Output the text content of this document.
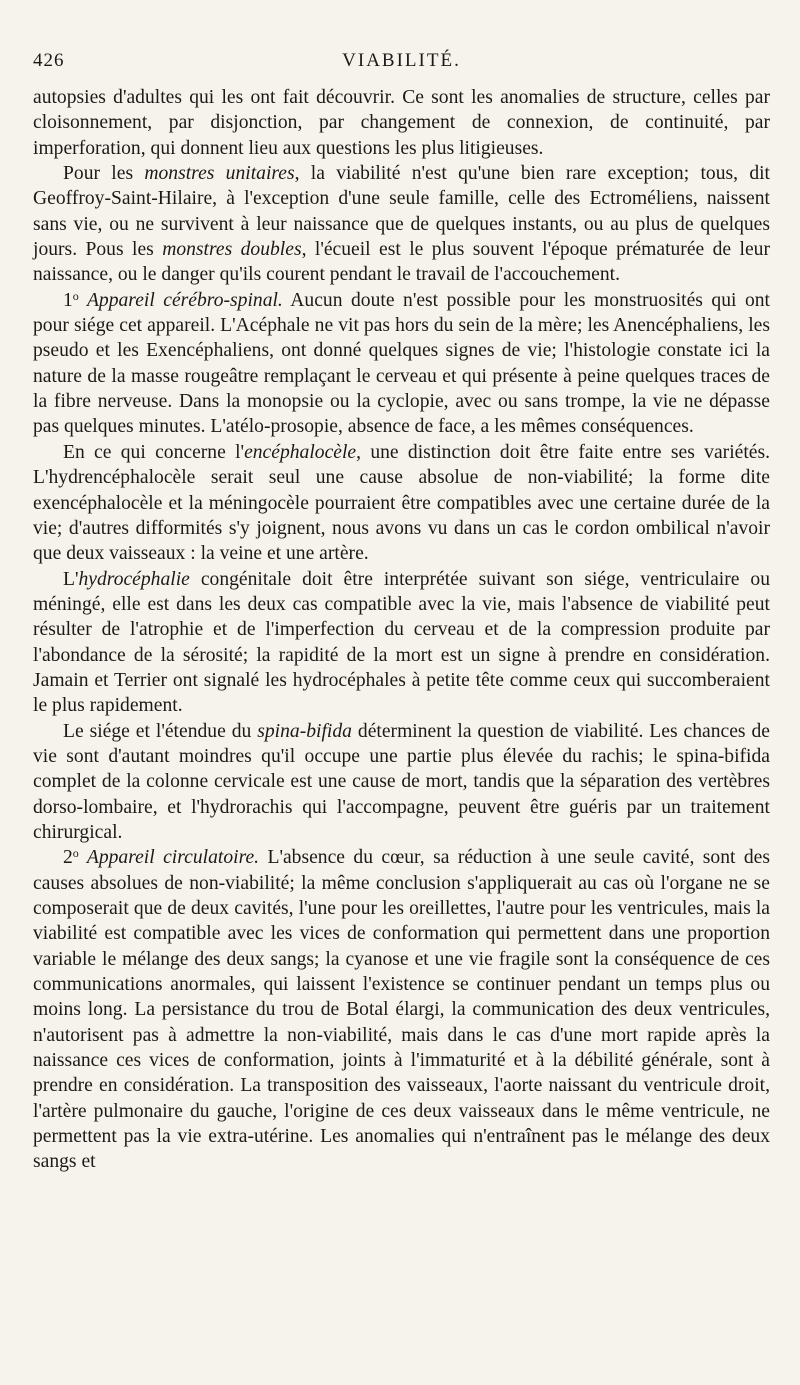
426	VIABILITÉ.

autopsies d'adultes qui les ont fait découvrir. Ce sont les anomalies de structure, celles par cloisonnement, par disjonction, par changement de connexion, de continuité, par imperforation, qui donnent lieu aux questions les plus litigieuses.

Pour les monstres unitaires, la viabilité n'est qu'une bien rare exception; tous, dit Geoffroy-Saint-Hilaire, à l'exception d'une seule famille, celle des Ectroméliens, naissent sans vie, ou ne survivent à leur naissance que de quelques instants, ou au plus de quelques jours. Pous les monstres doubles, l'écueil est le plus souvent l'époque prématurée de leur naissance, ou le danger qu'ils courent pendant le travail de l'accouchement.

1$^o$ Appareil cérébro-spinal. Aucun doute n'est possible pour les monstruosités qui ont pour siége cet appareil. L'Acéphale ne vit pas hors du sein de la mère; les Anencéphaliens, les pseudo et les Exencéphaliens, ont donné quelques signes de vie; l'histologie constate ici la nature de la masse rougeâtre remplaçant le cerveau et qui présente à peine quelques traces de la fibre nerveuse. Dans la monopsie ou la cyclopie, avec ou sans trompe, la vie ne dépasse pas quelques minutes. L'atélo-prosopie, absence de face, a les mêmes conséquences.

En ce qui concerne l'encéphalocèle, une distinction doit être faite entre ses variétés. L'hydrencéphalocèle serait seul une cause absolue de non-viabilité; la forme dite exencéphalocèle et la méningocèle pourraient être compatibles avec une certaine durée de la vie; d'autres difformités s'y joignent, nous avons vu dans un cas le cordon ombilical n'avoir que deux vaisseaux : la veine et une artère.

L'hydrocéphalie congénitale doit être interprétée suivant son siége, ventriculaire ou méningé, elle est dans les deux cas compatible avec la vie, mais l'absence de viabilité peut résulter de l'atrophie et de l'imperfection du cerveau et de la compression produite par l'abondance de la sérosité; la rapidité de la mort est un signe à prendre en considération. Jamain et Terrier ont signalé les hydrocéphales à petite tête comme ceux qui succomberaient le plus rapidement.

Le siége et l'étendue du spina-bifida déterminent la question de viabilité. Les chances de vie sont d'autant moindres qu'il occupe une partie plus élevée du rachis; le spina-bifida complet de la colonne cervicale est une cause de mort, tandis que la séparation des vertèbres dorso-lombaire, et l'hydrorachis qui l'accompagne, peuvent être guéris par un traitement chirurgical.

2$^o$ Appareil circulatoire. L'absence du cœur, sa réduction à une seule cavité, sont des causes absolues de non-viabilité; la même conclusion s'appliquerait au cas où l'organe ne se composerait que de deux cavités, l'une pour les oreillettes, l'autre pour les ventricules, mais la viabilité est compatible avec les vices de conformation qui permettent dans une proportion variable le mélange des deux sangs; la cyanose et une vie fragile sont la conséquence de ces communications anormales, qui laissent l'existence se continuer pendant un temps plus ou moins long. La persistance du trou de Botal élargi, la communication des deux ventricules, n'autorisent pas à admettre la non-viabilité, mais dans le cas d'une mort rapide après la naissance ces vices de conformation, joints à l'immaturité et à la débilité générale, sont à prendre en considération. La transposition des vaisseaux, l'aorte naissant du ventricule droit, l'artère pulmonaire du gauche, l'origine de ces deux vaisseaux dans le même ventricule, ne permettent pas la vie extra-utérine. Les anomalies qui n'entraînent pas le mélange des deux sangs et
